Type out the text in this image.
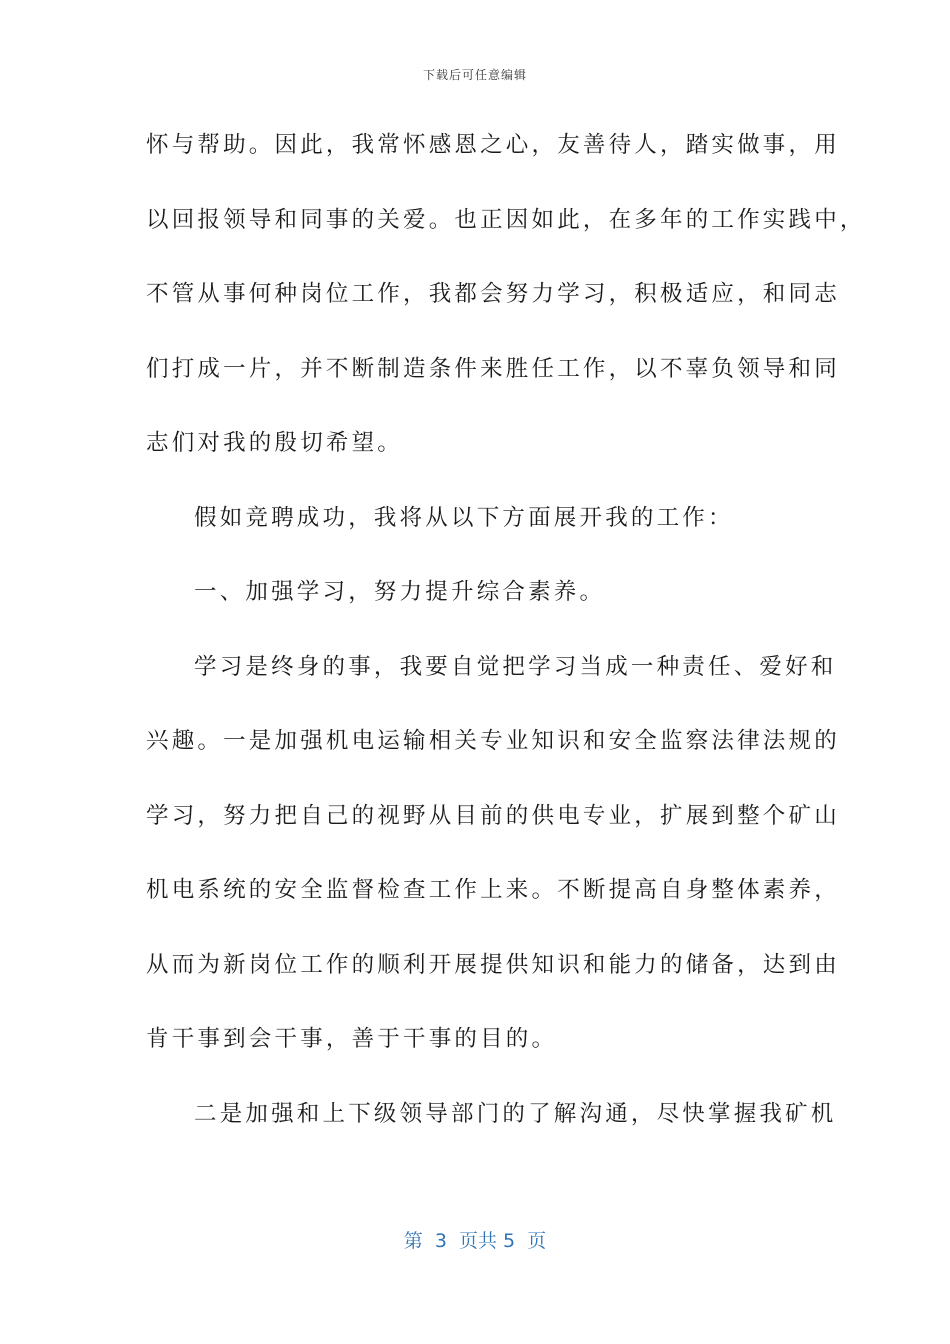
下载后可任意编辑
怀与帮助。因此，我常怀感恩之心，友善待人，踏实做事，用
以回报领导和同事的关爱。也正因如此，在多年的工作实践中，
不管从事何种岗位工作，我都会努力学习，积极适应，和同志
们打成一片，并不断制造条件来胜任工作，以不辜负领导和同
志们对我的殷切希望。
假如竞聘成功，我将从以下方面展开我的工作：
一、加强学习，努力提升综合素养。
学习是终身的事，我要自觉把学习当成一种责任、爱好和
兴趣。一是加强机电运输相关专业知识和安全监察法律法规的
学习，努力把自己的视野从目前的供电专业，扩展到整个矿山
机电系统的安全监督检查工作上来。不断提高自身整体素养，
从而为新岗位工作的顺利开展提供知识和能力的储备，达到由
肯干事到会干事，善于干事的目的。
二是加强和上下级领导部门的了解沟通，尽快掌握我矿机
第  3  页共 5  页
